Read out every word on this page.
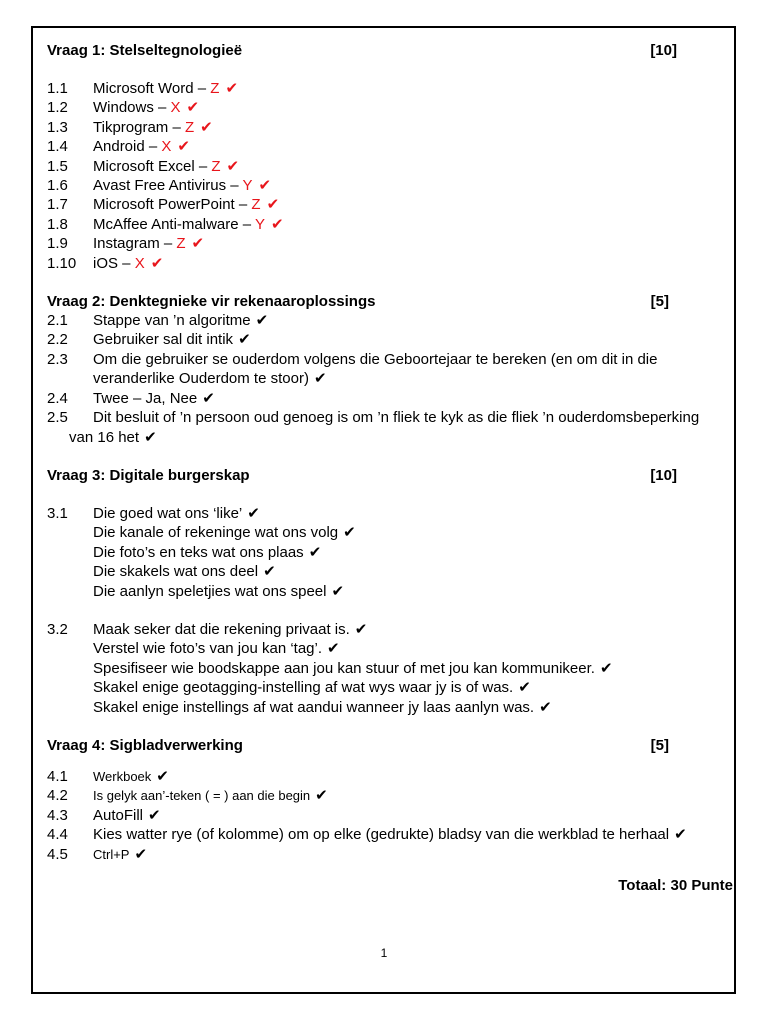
Vraag 1: Stelseltegnologieë	[10]
1.1 Microsoft Word – Z ✔
1.2 Windows – X ✔
1.3 Tikprogram – Z ✔
1.4 Android – X ✔
1.5 Microsoft Excel – Z ✔
1.6 Avast Free Antivirus – Y ✔
1.7 Microsoft PowerPoint – Z ✔
1.8 McAffee Anti-malware – Y ✔
1.9 Instagram – Z ✔
1.10 iOS – X ✔
Vraag 2: Denktegnieke vir rekenaaroplossings	[5]
2.1 Stappe van ’n algoritme ✔
2.2 Gebruiker sal dit intik ✔
2.3 Om die gebruiker se ouderdom volgens die Geboortejaar te bereken (en om dit in die veranderlike Ouderdom te stoor) ✔
2.4 Twee – Ja, Nee ✔
2.5 Dit besluit of ’n persoon oud genoeg is om ’n fliek te kyk as die fliek ’n ouderdomsbeperking
van 16 het ✔
Vraag 3: Digitale burgerskap	[10]
3.1 Die goed wat ons ‘like’ ✔
Die kanale of rekeninge wat ons volg ✔
Die foto’s en teks wat ons plaas ✔
Die skakels wat ons deel ✔
Die aanlyn speletjies wat ons speel ✔
3.2 Maak seker dat die rekening privaat is. ✔
Verstel wie foto’s van jou kan ‘tag’. ✔
Spesifiseer wie boodskappe aan jou kan stuur of met jou kan kommunikeer. ✔
Skakel enige geotagging-instelling af wat wys waar jy is of was. ✔
Skakel enige instellings af wat aandui wanneer jy laas aanlyn was. ✔
Vraag 4: Sigbladverwerking	[5]
4.1 Werkboek ✔
4.2 Is gelyk aan’-teken ( = ) aan die begin ✔
4.3 AutoFill ✔
4.4 Kies watter rye (of kolomme) om op elke (gedrukte) bladsy van die werkblad te herhaal ✔
4.5 Ctrl+P ✔
Totaal: 30 Punte
1
